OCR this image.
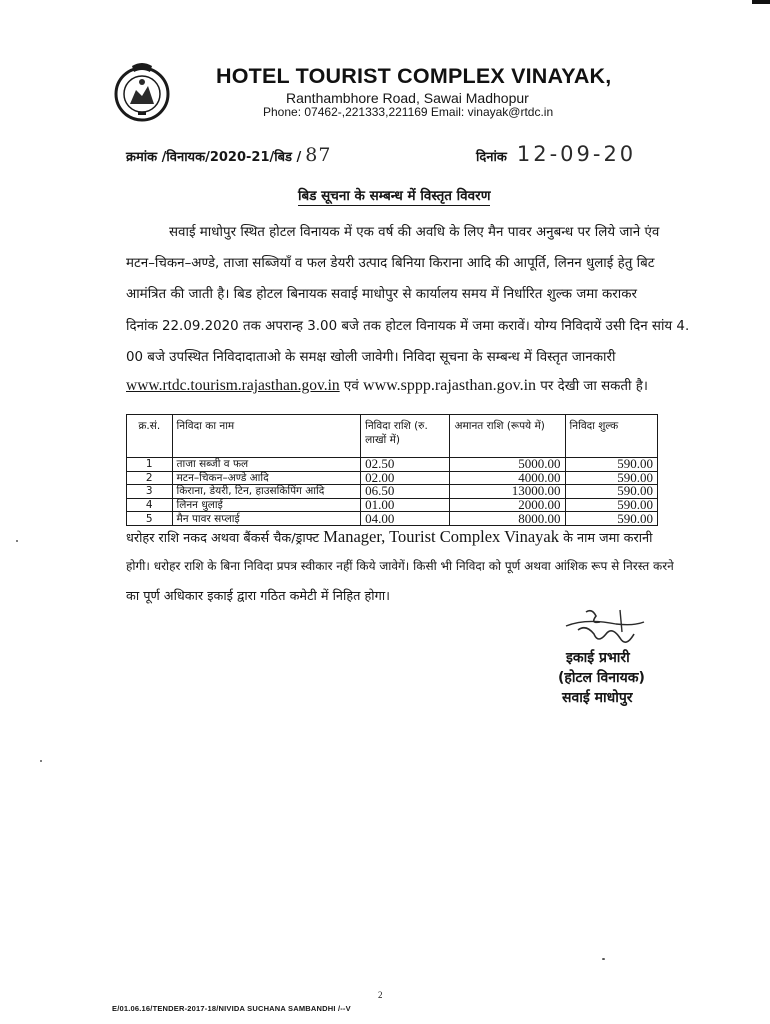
HOTEL TOURIST COMPLEX VINAYAK,
Ranthambhore Road, Sawai Madhopur
Phone: 07462-,221333,221169 Email: vinayak@rtdc.in
क्रमांक /विनायक/2020-21/बिड / 87	दिनांक 12-09-20
बिड सूचना के सम्बन्ध में विस्तृत विवरण
सवाई माधोपुर स्थित होटल विनायक में एक वर्ष की अवधि के लिए मैन पावर अनुबन्ध पर लिये जाने एंव
मटन–चिकन–अण्डे, ताजा सब्जियाँ व फल डेयरी उत्पाद बिनिया किराना आदि की आपूर्ति, लिनन धुलाई हेतु बिट
आमंत्रित की जाती है। बिड होटल बिनायक सवाई माधोपुर से कार्यालय समय में निर्धारित शुल्क जमा कराकर
दिनांक 22.09.2020 तक अपरान्ह 3.00 बजे तक होटल विनायक में जमा करावें। योग्य निविदायें उसी दिन सांय 4.
00 बजे उपस्थित निविदादाताओ के समक्ष खोली जावेगी। निविदा सूचना के सम्बन्ध में विस्तृत जानकारी
www.rtdc.tourism.rajasthan.gov.in एवं www.sppp.rajasthan.gov.in पर देखी जा सकती है।
क्र.सं.	निविदा का नाम	निविदा राशि (रु. लाखों में)	अमानत राशि (रूपये में)	निविदा शुल्क
1	ताजा सब्जी व फल	02.50	5000.00	590.00
2	मटन–चिकन–अण्डे आदि	02.00	4000.00	590.00
3	किराना, डेयरी, टिन, हाउसकिपिंग आदि	06.50	13000.00	590.00
4	लिनन धुलाई	01.00	2000.00	590.00
5	मैन पावर सप्लाई	04.00	8000.00	590.00
धरोहर राशि नकद अथवा बैंकर्स चैक/ड्राफ्ट Manager, Tourist Complex Vinayak के नाम जमा करानी
होगी। धरोहर राशि के बिना निविदा प्रपत्र स्वीकार नहीं किये जावेगें। किसी भी निविदा को पूर्ण अथवा आंशिक रूप से निरस्त करने
का पूर्ण अधिकार इकाई द्वारा गठित कमेटी में निहित होगा।
इकाई प्रभारी
(होटल विनायक)
सवाई माधोपुर
2
E/01.06.16/TENDER-2017-18/NIVIDA SUCHANA SAMBANDHI /--V
